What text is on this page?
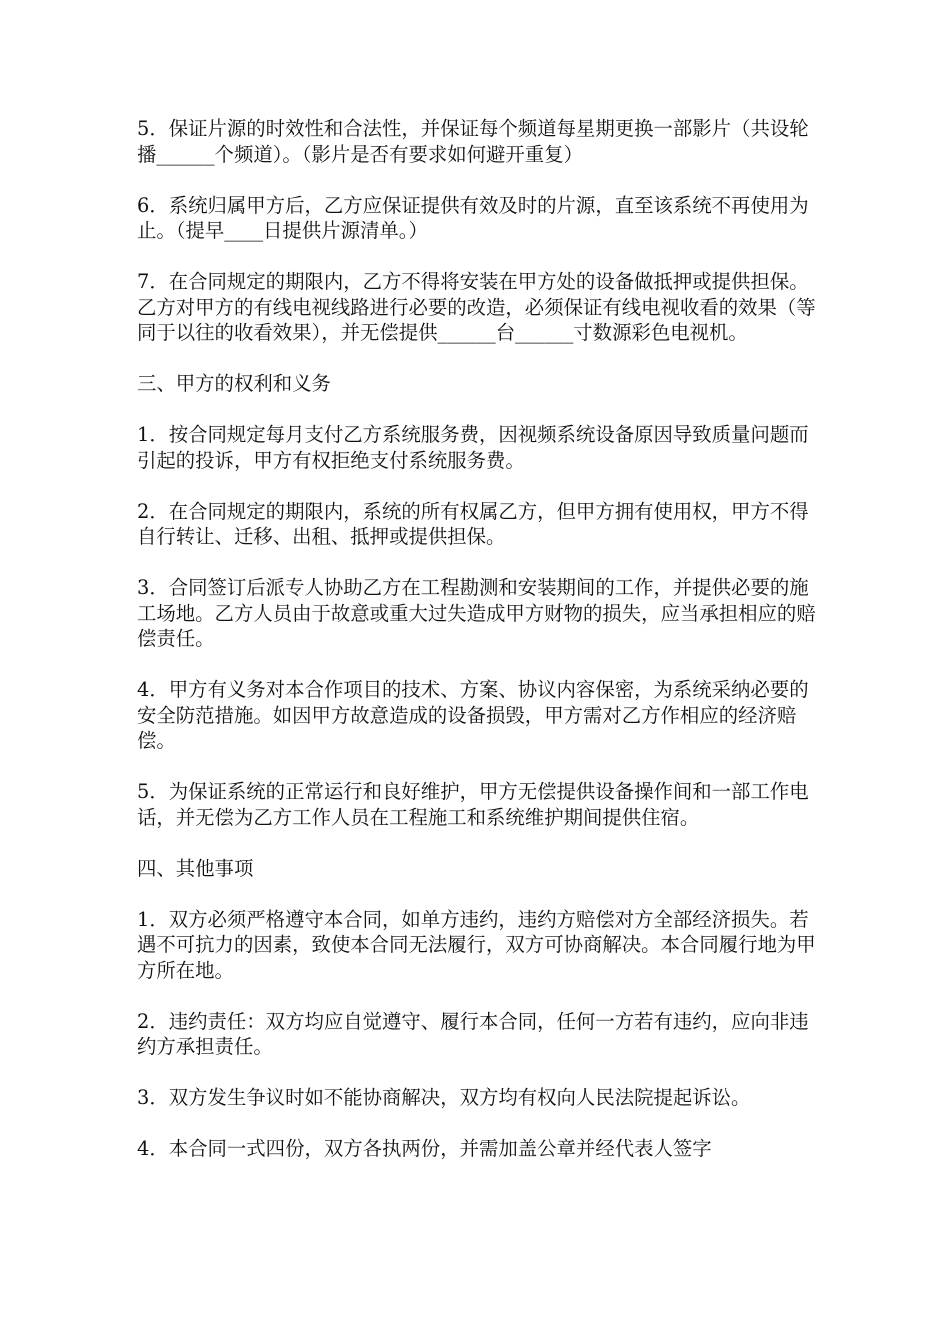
5．保证片源的时效性和合法性，并保证每个频道每星期更换一部影片（共设轮播______个频道）。（影片是否有要求如何避开重复）

6．系统归属甲方后，乙方应保证提供有效及时的片源，直至该系统不再使用为止。（提早____日提供片源清单。）

7．在合同规定的期限内，乙方不得将安装在甲方处的设备做抵押或提供担保。

乙方对甲方的有线电视线路进行必要的改造，必须保证有线电视收看的效果（等同于以往的收看效果），并无偿提供______台______寸数源彩色电视机。

三、甲方的权利和义务

1．按合同规定每月支付乙方系统服务费，因视频系统设备原因导致质量问题而引起的投诉，甲方有权拒绝支付系统服务费。

2．在合同规定的期限内，系统的所有权属乙方，但甲方拥有使用权，甲方不得自行转让、迁移、出租、抵押或提供担保。

3．合同签订后派专人协助乙方在工程勘测和安装期间的工作，并提供必要的施工场地。乙方人员由于故意或重大过失造成甲方财物的损失，应当承担相应的赔偿责任。

4．甲方有义务对本合作项目的技术、方案、协议内容保密，为系统采纳必要的安全防范措施。如因甲方故意造成的设备损毁，甲方需对乙方作相应的经济赔偿。

5．为保证系统的正常运行和良好维护，甲方无偿提供设备操作间和一部工作电话，并无偿为乙方工作人员在工程施工和系统维护期间提供住宿。

四、其他事项

1．双方必须严格遵守本合同，如单方违约，违约方赔偿对方全部经济损失。若遇不可抗力的因素，致使本合同无法履行，双方可协商解决。本合同履行地为甲方所在地。

2．违约责任：双方均应自觉遵守、履行本合同，任何一方若有违约，应向非违约方承担责任。

3．双方发生争议时如不能协商解决，双方均有权向人民法院提起诉讼。

4．本合同一式四份，双方各执两份，并需加盖公章并经代表人签字
